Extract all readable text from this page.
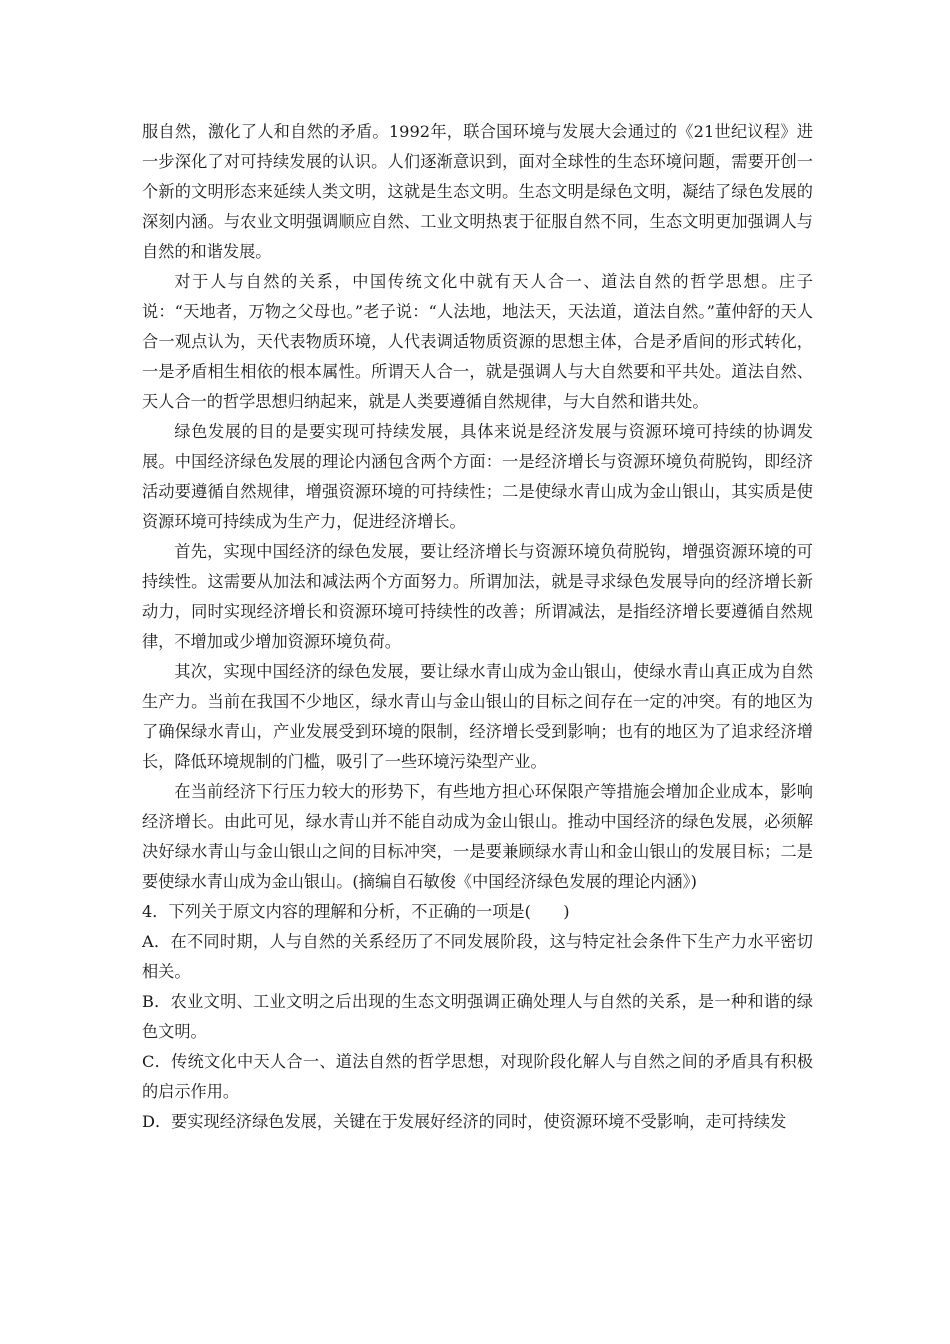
服自然，激化了人和自然的矛盾。1992年，联合国环境与发展大会通过的《21世纪议程》进一步深化了对可持续发展的认识。人们逐渐意识到，面对全球性的生态环境问题，需要开创一个新的文明形态来延续人类文明，这就是生态文明。生态文明是绿色文明，凝结了绿色发展的深刻内涵。与农业文明强调顺应自然、工业文明热衷于征服自然不同，生态文明更加强调人与自然的和谐发展。

对于人与自然的关系，中国传统文化中就有天人合一、道法自然的哲学思想。庄子说：“天地者，万物之父母也。”老子说：“人法地，地法天，天法道，道法自然。”董仲舒的天人合一观点认为，天代表物质环境，人代表调适物质资源的思想主体，合是矛盾间的形式转化，一是矛盾相生相依的根本属性。所谓天人合一，就是强调人与大自然要和平共处。道法自然、天人合一的哲学思想归纳起来，就是人类要遵循自然规律，与大自然和谐共处。

绿色发展的目的是要实现可持续发展，具体来说是经济发展与资源环境可持续的协调发展。中国经济绿色发展的理论内涵包含两个方面：一是经济增长与资源环境负荷脱钩，即经济活动要遵循自然规律，增强资源环境的可持续性；二是使绿水青山成为金山银山，其实质是使资源环境可持续成为生产力，促进经济增长。

首先，实现中国经济的绿色发展，要让经济增长与资源环境负荷脱钩，增强资源环境的可持续性。这需要从加法和减法两个方面努力。所谓加法，就是寻求绿色发展导向的经济增长新动力，同时实现经济增长和资源环境可持续性的改善；所谓减法，是指经济增长要遵循自然规律，不增加或少增加资源环境负荷。

其次，实现中国经济的绿色发展，要让绿水青山成为金山银山，使绿水青山真正成为自然生产力。当前在我国不少地区，绿水青山与金山银山的目标之间存在一定的冲突。有的地区为了确保绿水青山，产业发展受到环境的限制，经济增长受到影响；也有的地区为了追求经济增长，降低环境规制的门槛，吸引了一些环境污染型产业。

在当前经济下行压力较大的形势下，有些地方担心环保限产等措施会增加企业成本，影响经济增长。由此可见，绿水青山并不能自动成为金山银山。推动中国经济的绿色发展，必须解决好绿水青山与金山银山之间的目标冲突，一是要兼顾绿水青山和金山银山的发展目标；二是要使绿水青山成为金山银山。(摘编自石敏俊《中国经济绿色发展的理论内涵》)

4．下列关于原文内容的理解和分析，不正确的一项是(　　)

A．在不同时期，人与自然的关系经历了不同发展阶段，这与特定社会条件下生产力水平密切相关。

B．农业文明、工业文明之后出现的生态文明强调正确处理人与自然的关系，是一种和谐的绿色文明。

C．传统文化中天人合一、道法自然的哲学思想，对现阶段化解人与自然之间的矛盾具有积极的启示作用。

D．要实现经济绿色发展，关键在于发展好经济的同时，使资源环境不受影响，走可持续发
